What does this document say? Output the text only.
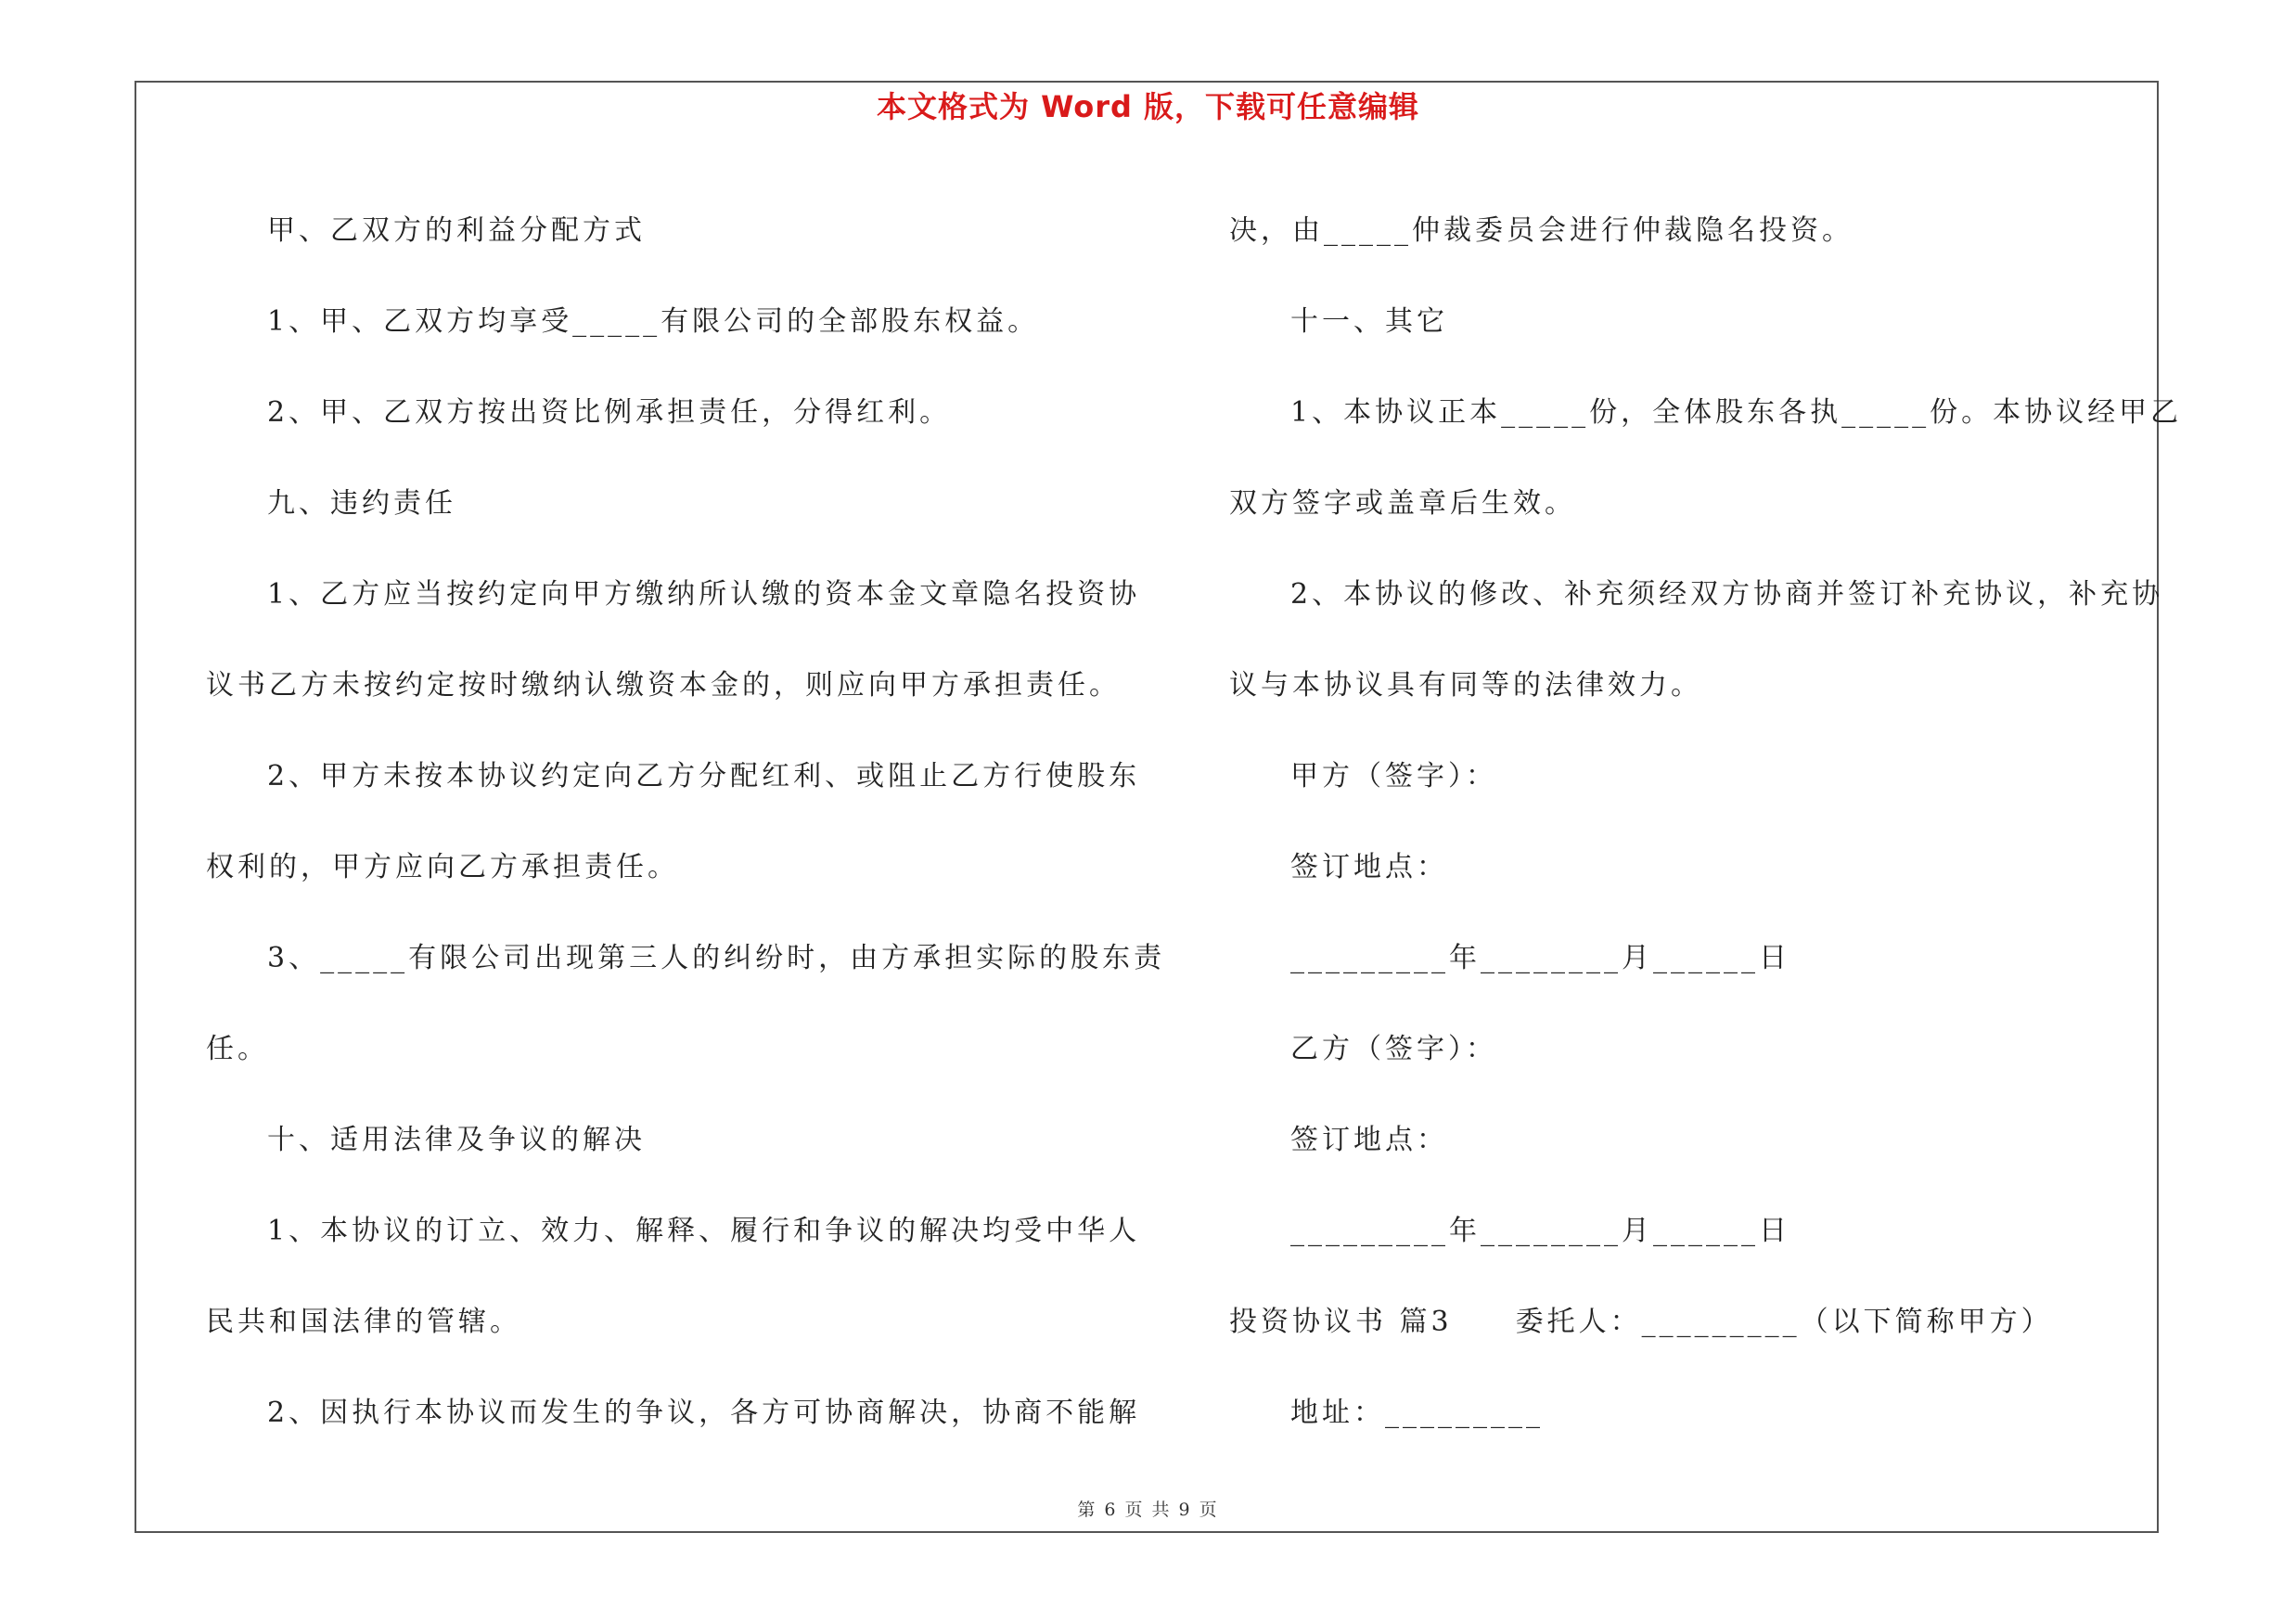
本文格式为 Word 版，下载可任意编辑

甲、乙双方的利益分配方式

1、甲、乙双方均享受_____有限公司的全部股东权益。

2、甲、乙双方按出资比例承担责任，分得红利。

九、违约责任

1、乙方应当按约定向甲方缴纳所认缴的资本金文章隐名投资协

议书乙方未按约定按时缴纳认缴资本金的，则应向甲方承担责任。

2、甲方未按本协议约定向乙方分配红利、或阻止乙方行使股东

权利的，甲方应向乙方承担责任。

3、_____有限公司出现第三人的纠纷时，由方承担实际的股东责

任。

十、适用法律及争议的解决

1、本协议的订立、效力、解释、履行和争议的解决均受中华人

民共和国法律的管辖。

2、因执行本协议而发生的争议，各方可协商解决，协商不能解

决，由_____仲裁委员会进行仲裁隐名投资。

十一、其它

1、本协议正本_____份，全体股东各执_____份。本协议经甲乙

双方签字或盖章后生效。

2、本协议的修改、补充须经双方协商并签订补充协议，补充协

议与本协议具有同等的法律效力。

甲方（签字）：

签订地点：

_________年________月______日

乙方（签字）：

签订地点：

_________年________月______日

投资协议书 篇3　　委托人：_________（以下简称甲方）

地址：_________

第 6 页 共 9 页
